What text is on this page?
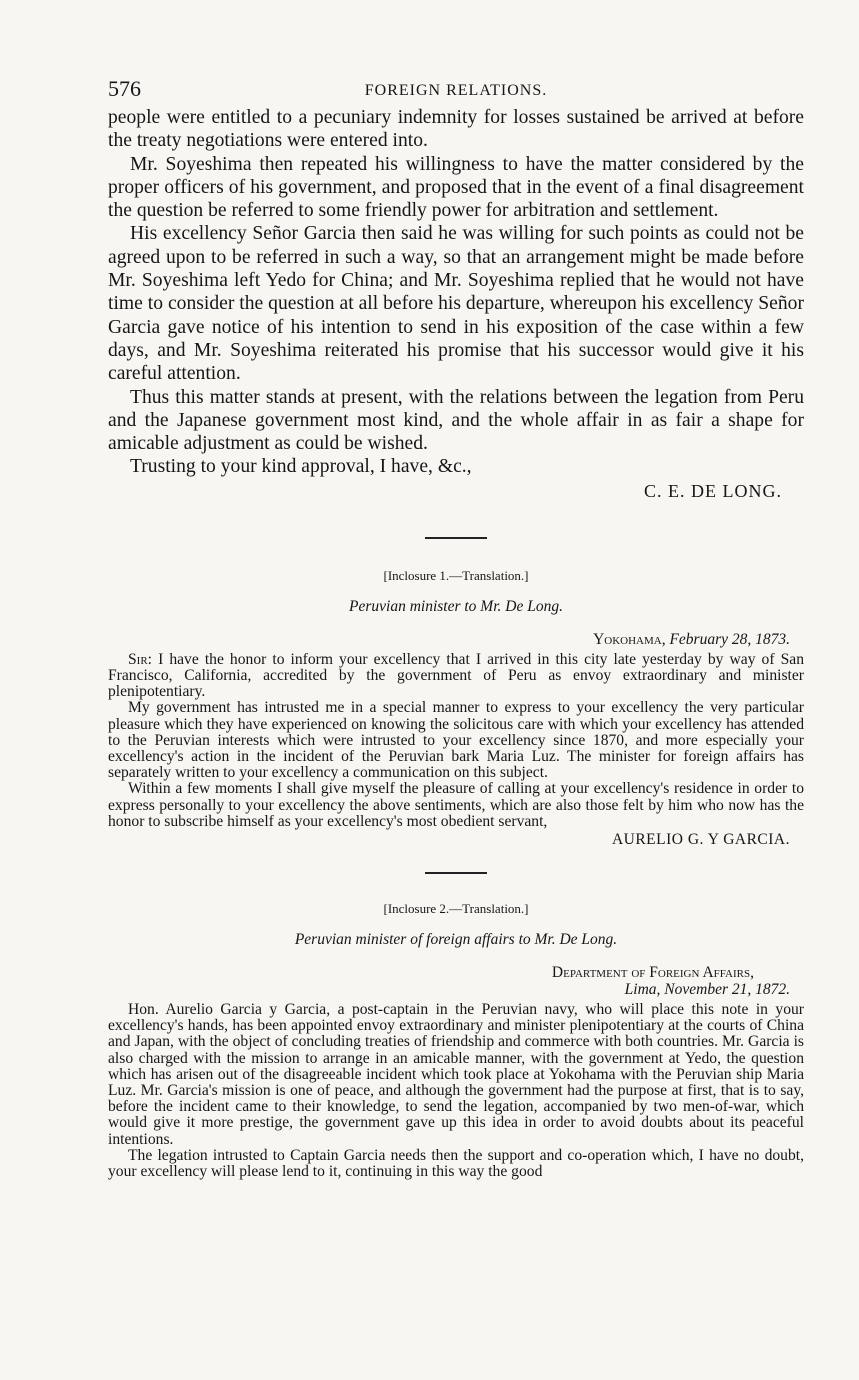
576	FOREIGN RELATIONS.

people were entitled to a pecuniary indemnity for losses sustained be arrived at before the treaty negotiations were entered into.

Mr. Soyeshima then repeated his willingness to have the matter considered by the proper officers of his government, and proposed that in the event of a final disagreement the question be referred to some friendly power for arbitration and settlement.

His excellency Señor Garcia then said he was willing for such points as could not be agreed upon to be referred in such a way, so that an arrangement might be made before Mr. Soyeshima left Yedo for China; and Mr. Soyeshima replied that he would not have time to consider the question at all before his departure, whereupon his excellency Señor Garcia gave notice of his intention to send in his exposition of the case within a few days, and Mr. Soyeshima reiterated his promise that his successor would give it his careful attention.

Thus this matter stands at present, with the relations between the legation from Peru and the Japanese government most kind, and the whole affair in as fair a shape for amicable adjustment as could be wished.

Trusting to your kind approval, I have, &c.,

C. E. DE LONG.
[Inclosure 1.—Translation.]
Peruvian minister to Mr. De Long.
Yokohama, February 28, 1873.

Sir: I have the honor to inform your excellency that I arrived in this city late yesterday by way of San Francisco, California, accredited by the government of Peru as envoy extraordinary and minister plenipotentiary.

My government has intrusted me in a special manner to express to your excellency the very particular pleasure which they have experienced on knowing the solicitous care with which your excellency has attended to the Peruvian interests which were intrusted to your excellency since 1870, and more especially your excellency's action in the incident of the Peruvian bark Maria Luz. The minister for foreign affairs has separately written to your excellency a communication on this subject.

Within a few moments I shall give myself the pleasure of calling at your excellency's residence in order to express personally to your excellency the above sentiments, which are also those felt by him who now has the honor to subscribe himself as your excellency's most obedient servant,

AURELIO G. Y GARCIA.
[Inclosure 2.—Translation.]
Peruvian minister of foreign affairs to Mr. De Long.
Department of Foreign Affairs,
Lima, November 21, 1872.

Hon. Aurelio Garcia y Garcia, a post-captain in the Peruvian navy, who will place this note in your excellency's hands, has been appointed envoy extraordinary and minister plenipotentiary at the courts of China and Japan, with the object of concluding treaties of friendship and commerce with both countries. Mr. Garcia is also charged with the mission to arrange in an amicable manner, with the government at Yedo, the question which has arisen out of the disagreeable incident which took place at Yokohama with the Peruvian ship Maria Luz. Mr. Garcia's mission is one of peace, and although the government had the purpose at first, that is to say, before the incident came to their knowledge, to send the legation, accompanied by two men-of-war, which would give it more prestige, the government gave up this idea in order to avoid doubts about its peaceful intentions.

The legation intrusted to Captain Garcia needs then the support and co-operation which, I have no doubt, your excellency will please lend to it, continuing in this way the good
